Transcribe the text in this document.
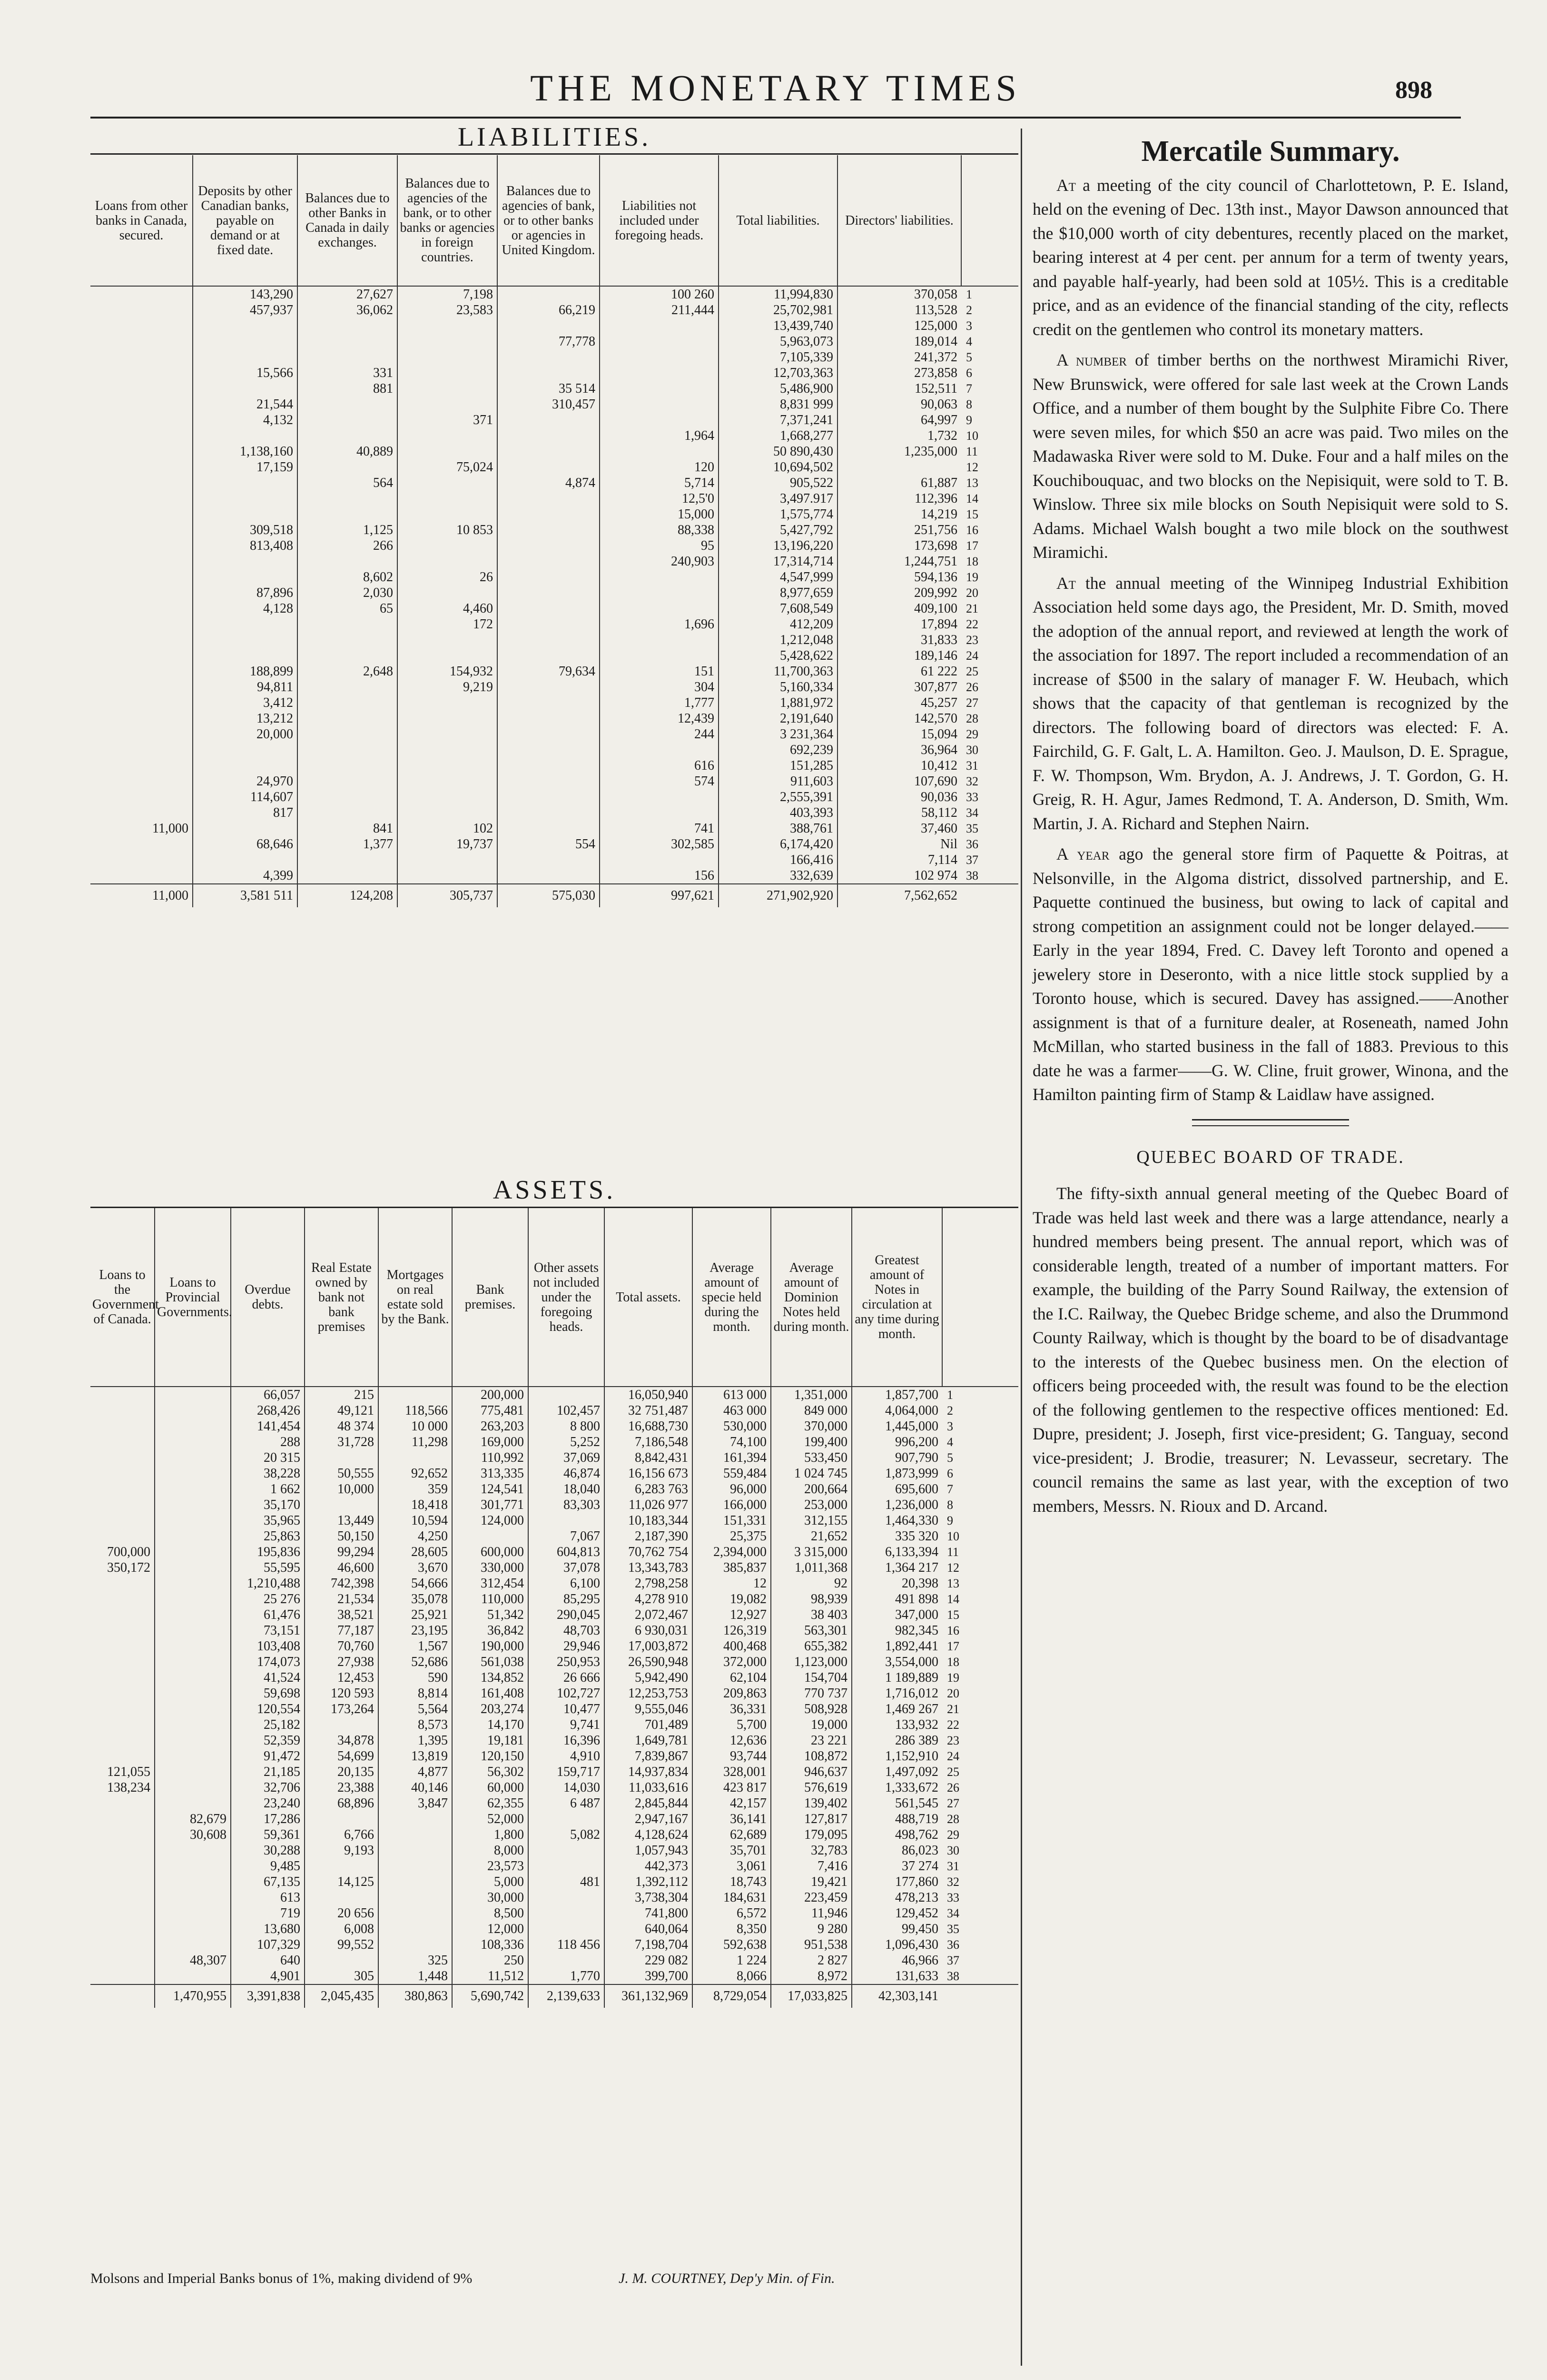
THE MONETARY TIMES	898
LIABILITIES.
Loans from other banks in Canada, secured.	Deposits by other Canadian banks, payable on demand or at fixed date.	Balances due to other Banks in Canada in daily exchanges.	Balances due to agencies of the bank, or to other banks or agencies in foreign countries.	Balances due to agencies of bank, or to other banks or agencies in United Kingdom.	Liabilities not included under foregoing heads.	Total liabilities.	Directors' liabilities.	
	143,290	27,627	7,198		100 260	11,994,830	370,058	1
	457,937	36,062	23,583	66,219	211,444	25,702,981	113,528	2
						13,439,740	125,000	3
				77,778		5,963,073	189,014	4
						7,105,339	241,372	5
	15,566	331				12,703,363	273,858	6
		881		35 514		5,486,900	152,511	7
	21,544			310,457		8,831 999	90,063	8
	4,132		371			7,371,241	64,997	9
					1,964	1,668,277	1,732	10
	1,138,160	40,889				50 890,430	1,235,000	11
	17,159		75,024		120	10,694,502		12
		564		4,874	5,714	905,522	61,887	13
					12,5'0	3,497.917	112,396	14
					15,000	1,575,774	14,219	15
	309,518	1,125	10 853		88,338	5,427,792	251,756	16
	813,408	266			95	13,196,220	173,698	17
					240,903	17,314,714	1,244,751	18
		8,602	26			4,547,999	594,136	19
	87,896	2,030				8,977,659	209,992	20
	4,128	65	4,460			7,608,549	409,100	21
			172		1,696	412,209	17,894	22
						1,212,048	31,833	23
						5,428,622	189,146	24
	188,899	2,648	154,932	79,634	151	11,700,363	61 222	25
	94,811		9,219		304	5,160,334	307,877	26
	3,412				1,777	1,881,972	45,257	27
	13,212				12,439	2,191,640	142,570	28
	20,000				244	3 231,364	15,094	29
						692,239	36,964	30
					616	151,285	10,412	31
	24,970				574	911,603	107,690	32
	114,607					2,555,391	90,036	33
	817					403,393	58,112	34
11,000		841	102		741	388,761	37,460	35
	68,646	1,377	19,737	554	302,585	6,174,420	Nil	36
						166,416	7,114	37
	4,399				156	332,639	102 974	38
11,000	3,581 511	124,208	305,737	575,030	997,621	271,902,920	7,562,652	
ASSETS.
Loans to the Government of Canada.	Loans to Provincial Governments.	Overdue debts.	Real Estate owned by bank not bank premises	Mortgages on real estate sold by the Bank.	Bank premises.	Other assets not included under the foregoing heads.	Total assets.	Average amount of specie held during the month.	Average amount of Dominion Notes held during month.	Greatest amount of Notes in circulation at any time during month.	
		66,057	215		200,000		16,050,940	613 000	1,351,000	1,857,700	1
		268,426	49,121	118,566	775,481	102,457	32 751,487	463 000	849 000	4,064,000	2
		141,454	48 374	10 000	263,203	8 800	16,688,730	530,000	370,000	1,445,000	3
		288	31,728	11,298	169,000	5,252	7,186,548	74,100	199,400	996,200	4
		20 315			110,992	37,069	8,842,431	161,394	533,450	907,790	5
		38,228	50,555	92,652	313,335	46,874	16,156 673	559,484	1 024 745	1,873,999	6
		1 662	10,000	359	124,541	18,040	6,283 763	96,000	200,664	695,600	7
		35,170		18,418	301,771	83,303	11,026 977	166,000	253,000	1,236,000	8
		35,965	13,449	10,594	124,000		10,183,344	151,331	312,155	1,464,330	9
		25,863	50,150	4,250		7,067	2,187,390	25,375	21,652	335 320	10
700,000		195,836	99,294	28,605	600,000	604,813	70,762 754	2,394,000	3 315,000	6,133,394	11
350,172		55,595	46,600	3,670	330,000	37,078	13,343,783	385,837	1,011,368	1,364 217	12
		1,210,488	742,398	54,666	312,454	6,100	2,798,258	12	92	20,398	13
		25 276	21,534	35,078	110,000	85,295	4,278 910	19,082	98,939	491 898	14
		61,476	38,521	25,921	51,342	290,045	2,072,467	12,927	38 403	347,000	15
		73,151	77,187	23,195	36,842	48,703	6 930,031	126,319	563,301	982,345	16
		103,408	70,760	1,567	190,000	29,946	17,003,872	400,468	655,382	1,892,441	17
		174,073	27,938	52,686	561,038	250,953	26,590,948	372,000	1,123,000	3,554,000	18
		41,524	12,453	590	134,852	26 666	5,942,490	62,104	154,704	1 189,889	19
		59,698	120 593	8,814	161,408	102,727	12,253,753	209,863	770 737	1,716,012	20
		120,554	173,264	5,564	203,274	10,477	9,555,046	36,331	508,928	1,469 267	21
		25,182		8,573	14,170	9,741	701,489	5,700	19,000	133,932	22
		52,359	34,878	1,395	19,181	16,396	1,649,781	12,636	23 221	286 389	23
		91,472	54,699	13,819	120,150	4,910	7,839,867	93,744	108,872	1,152,910	24
121,055		21,185	20,135	4,877	56,302	159,717	14,937,834	328,001	946,637	1,497,092	25
138,234		32,706	23,388	40,146	60,000	14,030	11,033,616	423 817	576,619	1,333,672	26
		23,240	68,896	3,847	62,355	6 487	2,845,844	42,157	139,402	561,545	27
	82,679	17,286			52,000		2,947,167	36,141	127,817	488,719	28
	30,608	59,361	6,766		1,800	5,082	4,128,624	62,689	179,095	498,762	29
		30,288	9,193		8,000		1,057,943	35,701	32,783	86,023	30
		9,485			23,573		442,373	3,061	7,416	37 274	31
		67,135	14,125		5,000	481	1,392,112	18,743	19,421	177,860	32
		613			30,000		3,738,304	184,631	223,459	478,213	33
		719	20 656		8,500		741,800	6,572	11,946	129,452	34
		13,680	6,008		12,000		640,064	8,350	9 280	99,450	35
		107,329	99,552		108,336	118 456	7,198,704	592,638	951,538	1,096,430	36
	48,307	640		325	250		229 082	1 224	2 827	46,966	37
		4,901	305	1,448	11,512	1,770	399,700	8,066	8,972	131,633	38
	1,470,955	3,391,838	2,045,435	380,863	5,690,742	2,139,633	361,132,969	8,729,054	17,033,825	42,303,141	
Molsons and Imperial Banks bonus of 1%, making dividend of 9%	J. M. COURTNEY, Dep'y Min. of Fin.
Mercatile Summary.

At a meeting of the city council of Charlottetown, P. E. Island, held on the evening of Dec. 13th inst., Mayor Dawson announced that the $10,000 worth of city debentures, recently placed on the market, bearing interest at 4 per cent. per annum for a term of twenty years, and payable half-yearly, had been sold at 105½. This is a creditable price, and as an evidence of the financial standing of the city, reflects credit on the gentlemen who control its monetary matters.

A number of timber berths on the northwest Miramichi River, New Brunswick, were offered for sale last week at the Crown Lands Office, and a number of them bought by the Sulphite Fibre Co. There were seven miles, for which $50 an acre was paid. Two miles on the Madawaska River were sold to M. Duke. Four and a half miles on the Kouchibouquac, and two blocks on the Nepisiquit, were sold to T. B. Winslow. Three six mile blocks on South Nepisiquit were sold to S. Adams. Michael Walsh bought a two mile block on the southwest Miramichi.

At the annual meeting of the Winnipeg Industrial Exhibition Association held some days ago, the President, Mr. D. Smith, moved the adoption of the annual report, and reviewed at length the work of the association for 1897. The report included a recommendation of an increase of $500 in the salary of manager F. W. Heubach, which shows that the capacity of that gentleman is recognized by the directors. The following board of directors was elected: F. A. Fairchild, G. F. Galt, L. A. Hamilton. Geo. J. Maulson, D. E. Sprague, F. W. Thompson, Wm. Brydon, A. J. Andrews, J. T. Gordon, G. H. Greig, R. H. Agur, James Redmond, T. A. Anderson, D. Smith, Wm. Martin, J. A. Richard and Stephen Nairn.

A year ago the general store firm of Paquette & Poitras, at Nelsonville, in the Algoma district, dissolved partnership, and E. Paquette continued the business, but owing to lack of capital and strong competition an assignment could not be longer delayed.——Early in the year 1894, Fred. C. Davey left Toronto and opened a jewelery store in Deseronto, with a nice little stock supplied by a Toronto house, which is secured. Davey has assigned.——Another assignment is that of a furniture dealer, at Roseneath, named John McMillan, who started business in the fall of 1883. Previous to this date he was a farmer——G. W. Cline, fruit grower, Winona, and the Hamilton painting firm of Stamp & Laidlaw have assigned.

QUEBEC BOARD OF TRADE.

The fifty-sixth annual general meeting of the Quebec Board of Trade was held last week and there was a large attendance, nearly a hundred members being present. The annual report, which was of considerable length, treated of a number of important matters. For example, the building of the Parry Sound Railway, the extension of the I.C. Railway, the Quebec Bridge scheme, and also the Drummond County Railway, which is thought by the board to be of disadvantage to the interests of the Quebec business men. On the election of officers being proceeded with, the result was found to be the election of the following gentlemen to the respective offices mentioned: Ed. Dupre, president; J. Joseph, first vice-president; G. Tanguay, second vice-president; J. Brodie, treasurer; N. Levasseur, secretary. The council remains the same as last year, with the exception of two members, Messrs. N. Rioux and D. Arcand.
